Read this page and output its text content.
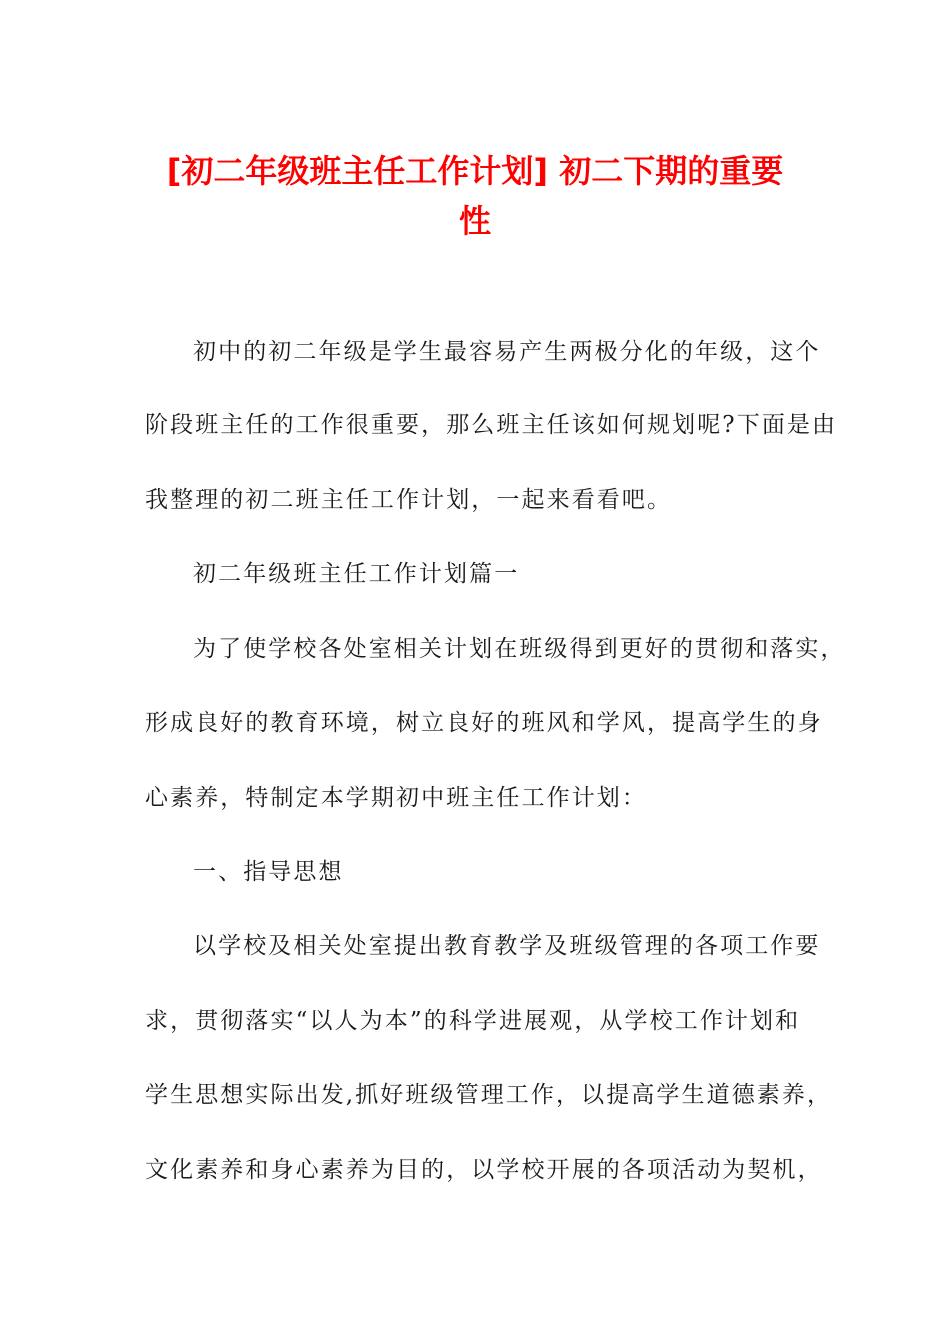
[初二年级班主任工作计划] 初二下期的重要
性
初中的初二年级是学生最容易产生两极分化的年级，这个
阶段班主任的工作很重要，那么班主任该如何规划呢?下面是由
我整理的初二班主任工作计划，一起来看看吧。
初二年级班主任工作计划篇一
为了使学校各处室相关计划在班级得到更好的贯彻和落实，
形成良好的教育环境，树立良好的班风和学风，提高学生的身
心素养，特制定本学期初中班主任工作计划：
一、指导思想
以学校及相关处室提出教育教学及班级管理的各项工作要
求，贯彻落实“以人为本”的科学进展观，从学校工作计划和
学生思想实际出发,抓好班级管理工作，以提高学生道德素养，
文化素养和身心素养为目的，以学校开展的各项活动为契机，
